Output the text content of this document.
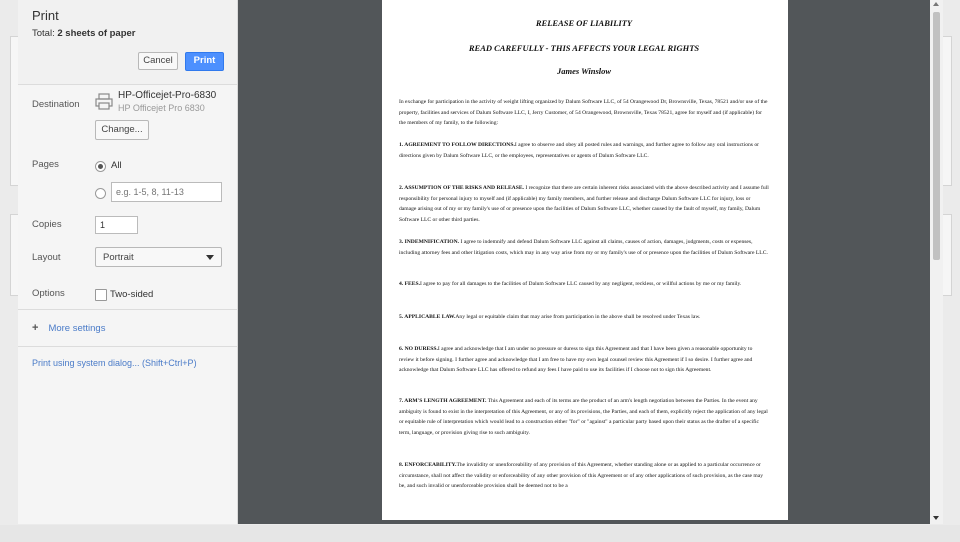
Print
Total: 2 sheets of paper
Cancel	Print
Destination
HP-Officejet-Pro-6830
HP Officejet Pro 6830
Change...
Pages	All
e.g. 1-5, 8, 11-13
Copies
1
Layout	Portrait
Options	Two-sided
+ More settings
Print using system dialog... (Shift+Ctrl+P)
RELEASE OF LIABILITY
READ CAREFULLY - THIS AFFECTS YOUR LEGAL RIGHTS
James Winslow
In exchange for participation in the activity of weight lifting organized by Dalum Software LLC, of 54 Orangewood Dr, Brownsville, Texas, 78521 and/or use of the property, facilities and services of Dalum Software LLC, I, Jerry Customer, of 54 Orangewood, Brownsville, Texas 78521, agree for myself and (if applicable) for the members of my family, to the following:
1. AGREEMENT TO FOLLOW DIRECTIONS.I agree to observe and obey all posted rules and warnings, and further agree to follow any oral instructions or directions given by Dalum Software LLC, or the employees, representatives or agents of Dalum Software LLC.
2. ASSUMPTION OF THE RISKS AND RELEASE. I recognize that there are certain inherent risks associated with the above described activity and I assume full responsibility for personal injury to myself and (if applicable) my family members, and further release and discharge Dalum Software LLC for injury, loss or damage arising out of my or my family's use of or presence upon the facilities of Dalum Software LLC, whether caused by the fault of myself, my family, Dalum Software LLC or other third parties.
3. INDEMNIFICATION. I agree to indemnify and defend Dalum Software LLC against all claims, causes of action, damages, judgments, costs or expenses, including attorney fees and other litigation costs, which may in any way arise from my or my family's use of or presence upon the facilities of Dalum Software LLC.
4. FEES.I agree to pay for all damages to the facilities of Dalum Software LLC caused by any negligent, reckless, or willful actions by me or my family.
5. APPLICABLE LAW.Any legal or equitable claim that may arise from participation in the above shall be resolved under Texas law.
6. NO DURESS.I agree and acknowledge that I am under no pressure or duress to sign this Agreement and that I have been given a reasonable opportunity to review it before signing. I further agree and acknowledge that I am free to have my own legal counsel review this Agreement if I so desire. I further agree and acknowledge that Dalum Software LLC has offered to refund any fees I have paid to use its facilities if I choose not to sign this Agreement.
7. ARM'S LENGTH AGREEMENT. This Agreement and each of its terms are the product of an arm's length negotiation between the Parties. In the event any ambiguity is found to exist in the interpretation of this Agreement, or any of its provisions, the Parties, and each of them, explicitly reject the application of any legal or equitable rule of interpretation which would lead to a construction either "for" or "against" a particular party based upon their status as the drafter of a specific term, language, or provision giving rise to such ambiguity.
8. ENFORCEABILITY.The invalidity or unenforceability of any provision of this Agreement, whether standing alone or as applied to a particular occurrence or circumstance, shall not affect the validity or enforceability of any other provision of this Agreement or of any other applications of such provision, as the case may be, and such invalid or unenforceable provision shall be deemed not to be a
